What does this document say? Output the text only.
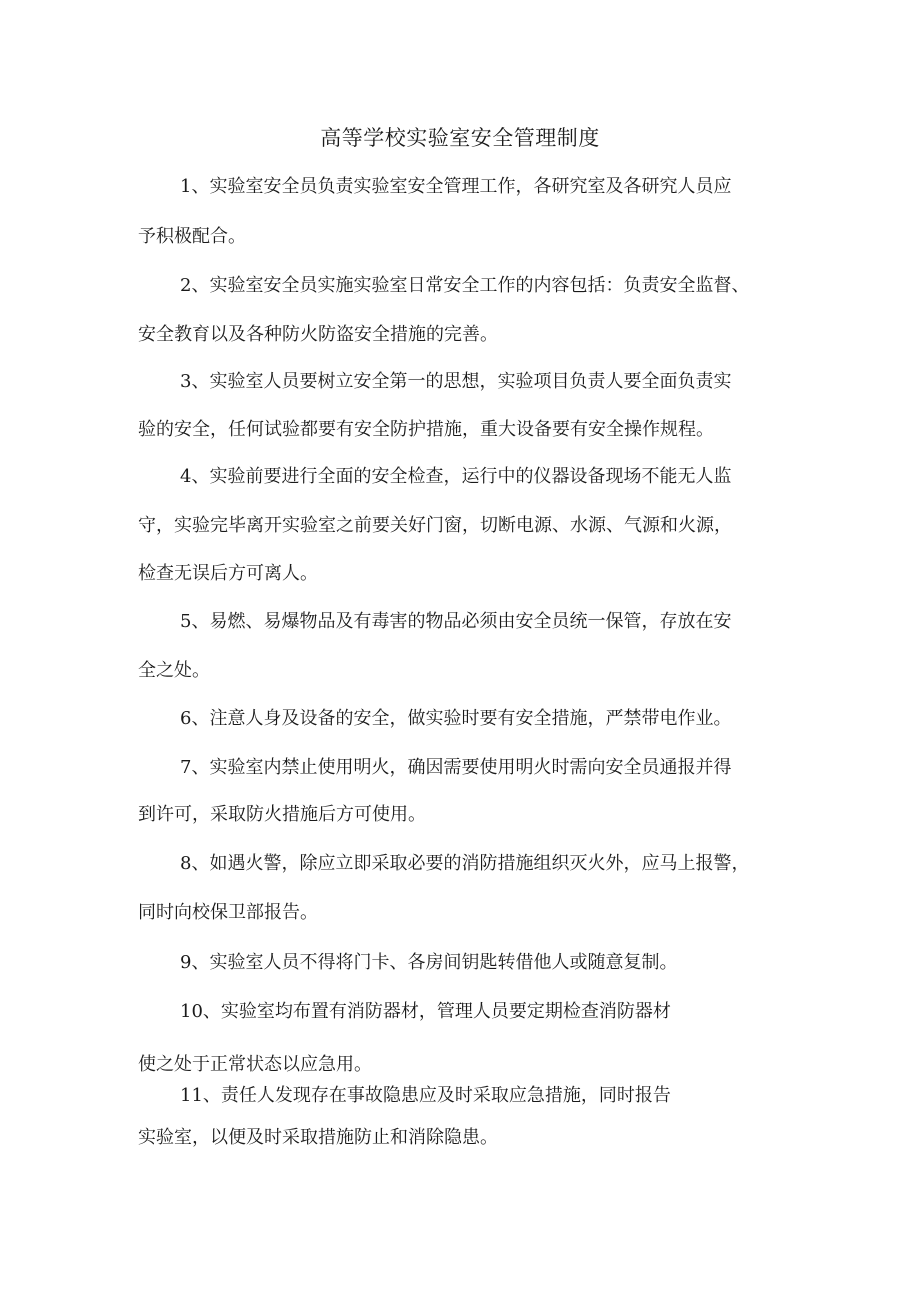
高等学校实验室安全管理制度
1、实验室安全员负责实验室安全管理工作，各研究室及各研究人员应
予积极配合。
2、实验室安全员实施实验室日常安全工作的内容包括：负责安全监督、
安全教育以及各种防火防盗安全措施的完善。
3、实验室人员要树立安全第一的思想，实验项目负责人要全面负责实
验的安全，任何试验都要有安全防护措施，重大设备要有安全操作规程。
4、实验前要进行全面的安全检查，运行中的仪器设备现场不能无人监
守，实验完毕离开实验室之前要关好门窗，切断电源、水源、气源和火源，
检查无误后方可离人。
5、易燃、易爆物品及有毒害的物品必须由安全员统一保管，存放在安
全之处。
6、注意人身及设备的安全，做实验时要有安全措施，严禁带电作业。
7、实验室内禁止使用明火，确因需要使用明火时需向安全员通报并得
到许可，采取防火措施后方可使用。
8、如遇火警，除应立即采取必要的消防措施组织灭火外，应马上报警，
同时向校保卫部报告。
9、实验室人员不得将门卡、各房间钥匙转借他人或随意复制。
10、实验室均布置有消防器材，管理人员要定期检查消防器材
使之处于正常状态以应急用。
11、责任人发现存在事故隐患应及时采取应急措施，同时报告
实验室，以便及时采取措施防止和消除隐患。
